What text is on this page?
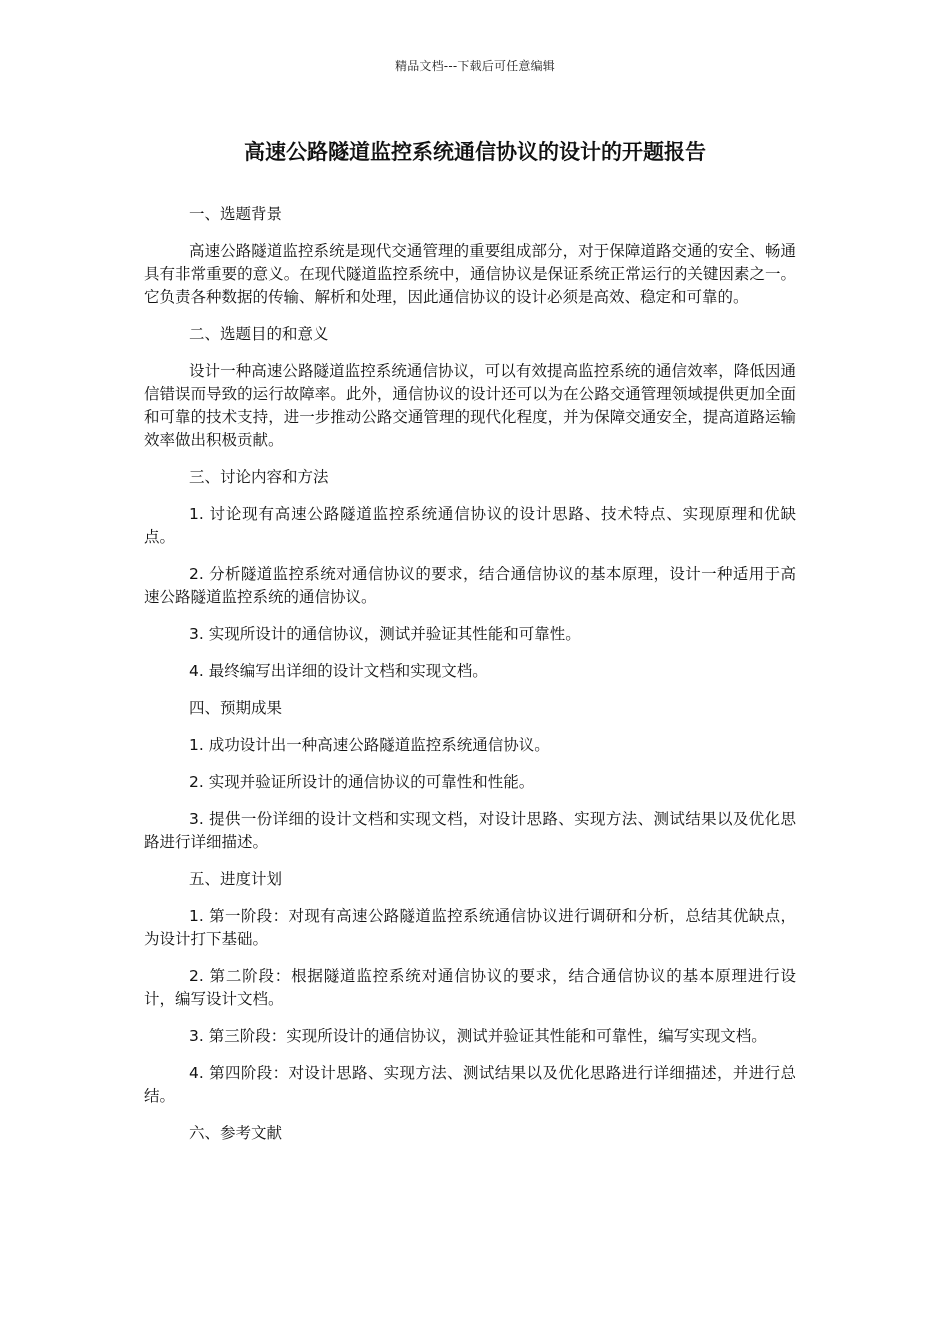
精品文档---下载后可任意编辑
高速公路隧道监控系统通信协议的设计的开题报告

一、选题背景

高速公路隧道监控系统是现代交通管理的重要组成部分，对于保障道路交通的安全、畅通具有非常重要的意义。在现代隧道监控系统中，通信协议是保证系统正常运行的关键因素之一。它负责各种数据的传输、解析和处理，因此通信协议的设计必须是高效、稳定和可靠的。

二、选题目的和意义

设计一种高速公路隧道监控系统通信协议，可以有效提高监控系统的通信效率，降低因通信错误而导致的运行故障率。此外，通信协议的设计还可以为在公路交通管理领域提供更加全面和可靠的技术支持，进一步推动公路交通管理的现代化程度，并为保障交通安全，提高道路运输效率做出积极贡献。

三、讨论内容和方法

1. 讨论现有高速公路隧道监控系统通信协议的设计思路、技术特点、实现原理和优缺点。

2. 分析隧道监控系统对通信协议的要求，结合通信协议的基本原理，设计一种适用于高速公路隧道监控系统的通信协议。

3. 实现所设计的通信协议，测试并验证其性能和可靠性。

4. 最终编写出详细的设计文档和实现文档。

四、预期成果

1. 成功设计出一种高速公路隧道监控系统通信协议。

2. 实现并验证所设计的通信协议的可靠性和性能。

3. 提供一份详细的设计文档和实现文档，对设计思路、实现方法、测试结果以及优化思路进行详细描述。

五、进度计划

1. 第一阶段：对现有高速公路隧道监控系统通信协议进行调研和分析，总结其优缺点，为设计打下基础。

2. 第二阶段：根据隧道监控系统对通信协议的要求，结合通信协议的基本原理进行设计，编写设计文档。

3. 第三阶段：实现所设计的通信协议，测试并验证其性能和可靠性，编写实现文档。

4. 第四阶段：对设计思路、实现方法、测试结果以及优化思路进行详细描述，并进行总结。

六、参考文献
